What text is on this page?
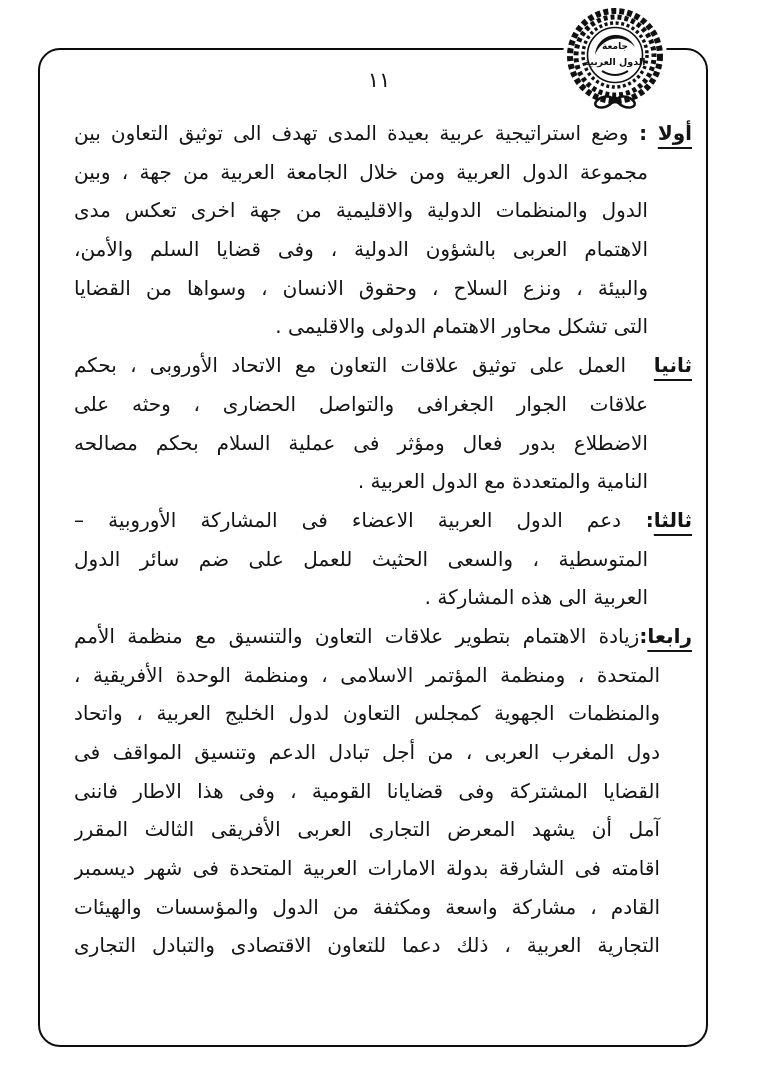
جامعة
الدول العربية
١١
أولا : وضع استراتيجية عربية بعيدة المدى تهدف الى توثيق التعاون بين
مجموعة الدول العربية ومن خلال الجامعة العربية من جهة ، وبين
الدول والمنظمات الدولية والاقليمية من جهة اخرى تعكس مدى
الاهتمام العربى بالشؤون الدولية ، وفى قضايا السلم والأمن،
والبيئة ، ونزع السلاح ، وحقوق الانسان ، وسواها من القضايا
التى تشكل محاور الاهتمام الدولى والاقليمى .
ثانيا  العمل على توثيق علاقات التعاون مع الاتحاد الأوروبى ، بحكم
علاقات الجوار الجغرافى والتواصل الحضارى ، وحثه على
الاضطلاع بدور فعال ومؤثر فى عملية السلام بحكم مصالحه
النامية والمتعددة مع الدول العربية .
ثالثا: دعم الدول العربية الاعضاء فى المشاركة الأوروبية –
المتوسطية ، والسعى الحثيث للعمل على ضم سائر الدول
العربية الى هذه المشاركة .
رابعا:زيادة الاهتمام بتطوير علاقات التعاون والتنسيق مع منظمة الأمم
المتحدة ، ومنظمة المؤتمر الاسلامى ، ومنظمة الوحدة الأفريقية ،
والمنظمات الجهوية كمجلس التعاون لدول الخليج العربية ، واتحاد
دول المغرب العربى ، من أجل تبادل الدعم وتنسيق المواقف فى
القضايا المشتركة وفى قضايانا القومية ، وفى هذا الاطار فاننى
آمل أن يشهد المعرض التجارى العربى الأفريقى الثالث المقرر
اقامته فى الشارقة بدولة الامارات العربية المتحدة فى شهر ديسمبر
القادم ، مشاركة واسعة ومكثفة من الدول والمؤسسات والهيئات
التجارية العربية ، ذلك دعما للتعاون الاقتصادى والتبادل التجارى
